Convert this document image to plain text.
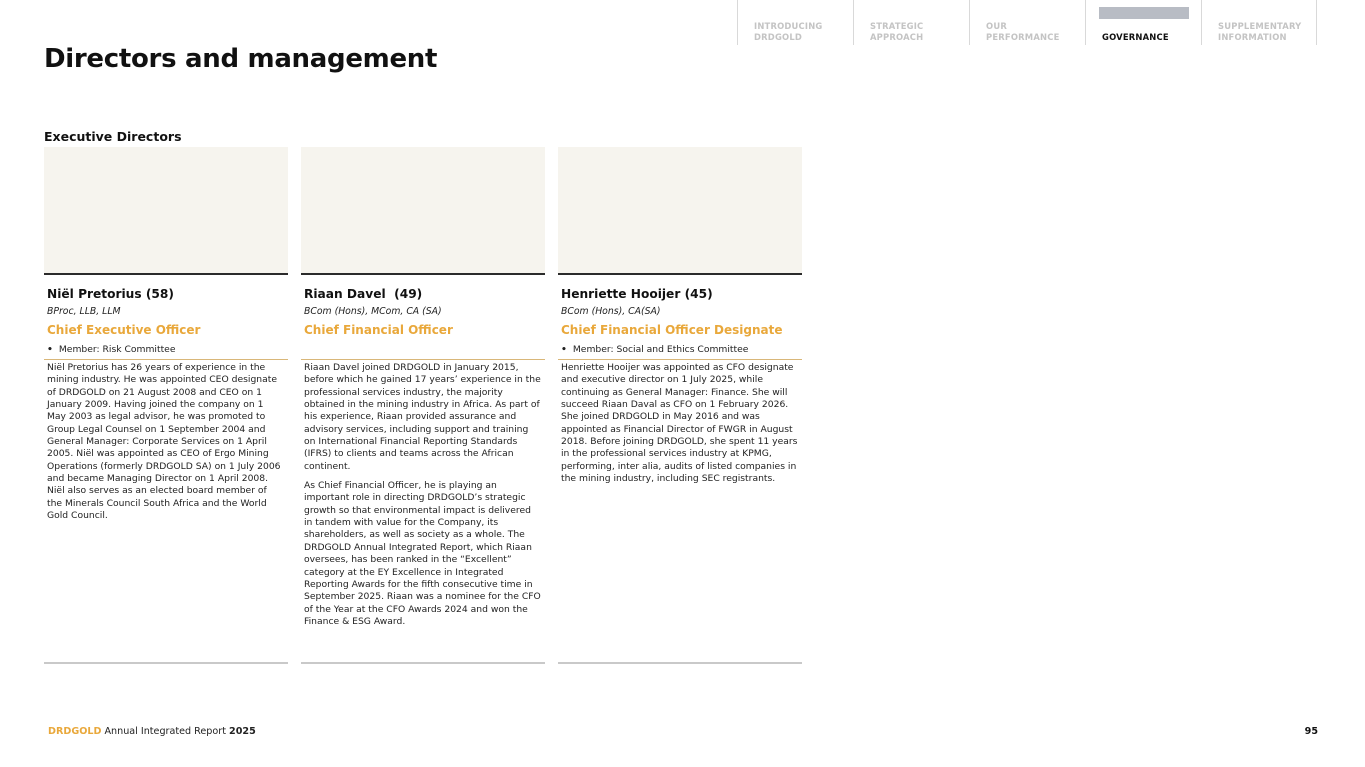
INTRODUCING
DRDGOLD
STRATEGIC
APPROACH
OUR
PERFORMANCE	GOVERNANCE
SUPPLEMENTARY
INFORMATION
Directors and management
Executive Directors
Niël Pretorius (58)
BProc, LLB, LLM
Chief Executive Officer
• Member: Risk Committee

Niël Pretorius has 26 years of experience in the mining industry. He was appointed CEO designate of DRDGOLD on 21 August 2008 and CEO on 1 January 2009. Having joined the company on 1 May 2003 as legal advisor, he was promoted to Group Legal Counsel on 1 September 2004 and General Manager: Corporate Services on 1 April 2005. Niël was appointed as CEO of Ergo Mining Operations (formerly DRDGOLD SA) on 1 July 2006 and became Managing Director on 1 April 2008. Niël also serves as an elected board member of the Minerals Council South Africa and the World Gold Council.

Riaan Davel  (49)
BCom (Hons), MCom, CA (SA)
Chief Financial Officer

Riaan Davel joined DRDGOLD in January 2015, before which he gained 17 years’ experience in the professional services industry, the majority obtained in the mining industry in Africa. As part of his experience, Riaan provided assurance and advisory services, including support and training on International Financial Reporting Standards (IFRS) to clients and teams across the African continent.

As Chief Financial Officer, he is playing an important role in directing DRDGOLD’s strategic growth so that environmental impact is delivered in tandem with value for the Company, its shareholders, as well as society as a whole. The DRDGOLD Annual Integrated Report, which Riaan oversees, has been ranked in the “Excellent” category at the EY Excellence in Integrated Reporting Awards for the fifth consecutive time in September 2025. Riaan was a nominee for the CFO of the Year at the CFO Awards 2024 and won the Finance & ESG Award.

Henriette Hooijer (45)
BCom (Hons), CA(SA)
Chief Financial Officer Designate
• Member: Social and Ethics Committee

Henriette Hooijer was appointed as CFO designate and executive director on 1 July 2025, while continuing as General Manager: Finance. She will succeed Riaan Daval as CFO on 1 February 2026. She joined DRDGOLD in May 2016 and was appointed as Financial Director of FWGR in August 2018. Before joining DRDGOLD, she spent 11 years in the professional services industry at KPMG, performing, inter alia, audits of listed companies in the mining industry, including SEC registrants.

DRDGOLD Annual Integrated Report 2025	95
